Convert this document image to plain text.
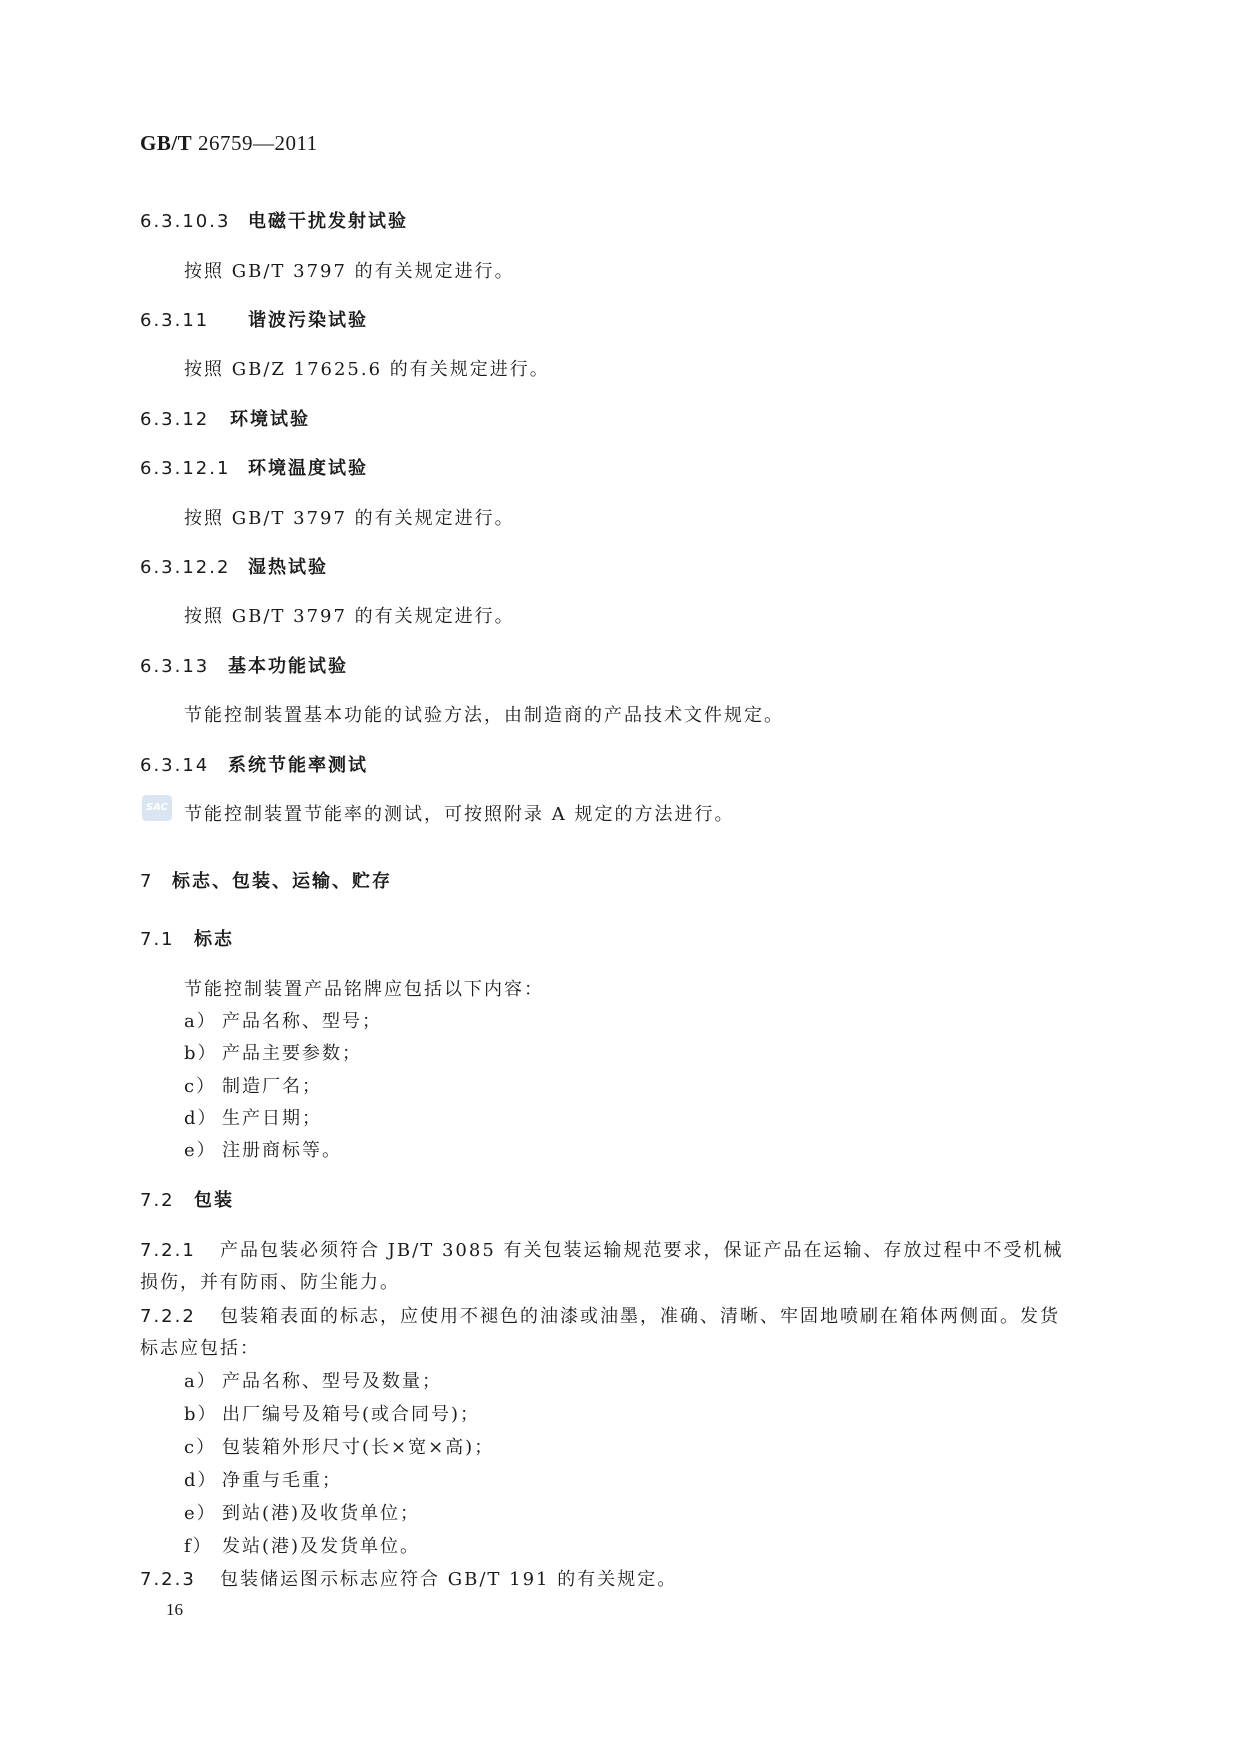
GB/T 26759—2011
6.3.10.3 电磁干扰发射试验
按照 GB/T 3797 的有关规定进行。
6.3.11 谐波污染试验
按照 GB/Z 17625.6 的有关规定进行。
6.3.12 环境试验
6.3.12.1 环境温度试验
按照 GB/T 3797 的有关规定进行。
6.3.12.2 湿热试验
按照 GB/T 3797 的有关规定进行。
6.3.13 基本功能试验
节能控制装置基本功能的试验方法，由制造商的产品技术文件规定。
6.3.14 系统节能率测试
SAC 节能控制装置节能率的测试，可按照附录 A 规定的方法进行。
7 标志、包装、运输、贮存
7.1 标志
节能控制装置产品铭牌应包括以下内容：
a） 产品名称、型号；
b） 产品主要参数；
c） 制造厂名；
d） 生产日期；
e） 注册商标等。
7.2 包装
7.2.1 产品包装必须符合 JB/T 3085 有关包装运输规范要求，保证产品在运输、存放过程中不受机械
损伤，并有防雨、防尘能力。
7.2.2 包装箱表面的标志，应使用不褪色的油漆或油墨，准确、清晰、牢固地喷刷在箱体两侧面。发货
标志应包括：
a） 产品名称、型号及数量；
b） 出厂编号及箱号(或合同号)；
c） 包装箱外形尺寸(长×宽×高)；
d） 净重与毛重；
e） 到站(港)及收货单位；
f） 发站(港)及发货单位。
7.2.3 包装储运图示标志应符合 GB/T 191 的有关规定。
16
